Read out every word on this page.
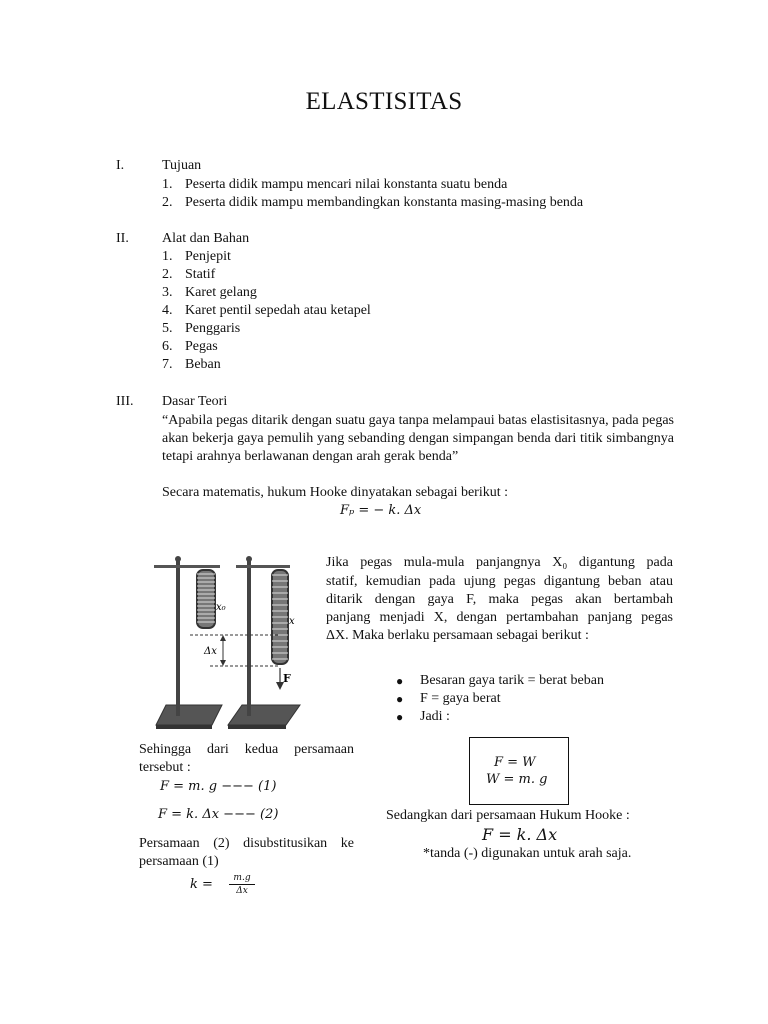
ELASTISITAS
I.	Tujuan
1. Peserta didik mampu mencari nilai konstanta suatu benda
2. Peserta didik mampu membandingkan konstanta masing-masing benda
II. Alat dan Bahan
1. Penjepit
2. Statif
3. Karet gelang
4. Karet pentil sepedah atau ketapel
5. Penggaris
6. Pegas
7. Beban
III. Dasar Teori
“Apabila pegas ditarik dengan suatu gaya tanpa melampaui batas elastisitasnya, pada pegas akan bekerja gaya pemulih yang sebanding dengan simpangan benda dari titik simbangnya tetapi arahnya berlawanan dengan arah gerak benda”
Secara matematis, hukum Hooke dinyatakan sebagai berikut :
Fₚ = − k. Δx
x₀
x
Δx
F
Jika pegas mula-mula panjangnya X₀ digantung pada
statif, kemudian pada ujung pegas digantung beban atau
ditarik dengan gaya F, maka pegas akan bertambah
panjang menjadi X, dengan pertambahan panjang pegas
ΔX. Maka berlaku persamaan sebagai berikut :
● Besaran gaya tarik = berat beban
● F = gaya berat
● Jadi :
F = W
W = m. g
Sehingga dari kedua persamaan
tersebut :
F = m. g −−− (1)
F = k. Δx −−− (2)
Persamaan (2) disubstitusikan ke
persamaan (1)
k =	m.g
Δx
Sedangkan dari persamaan Hukum Hooke :
F = k. Δx
*tanda (-) digunakan untuk arah saja.
